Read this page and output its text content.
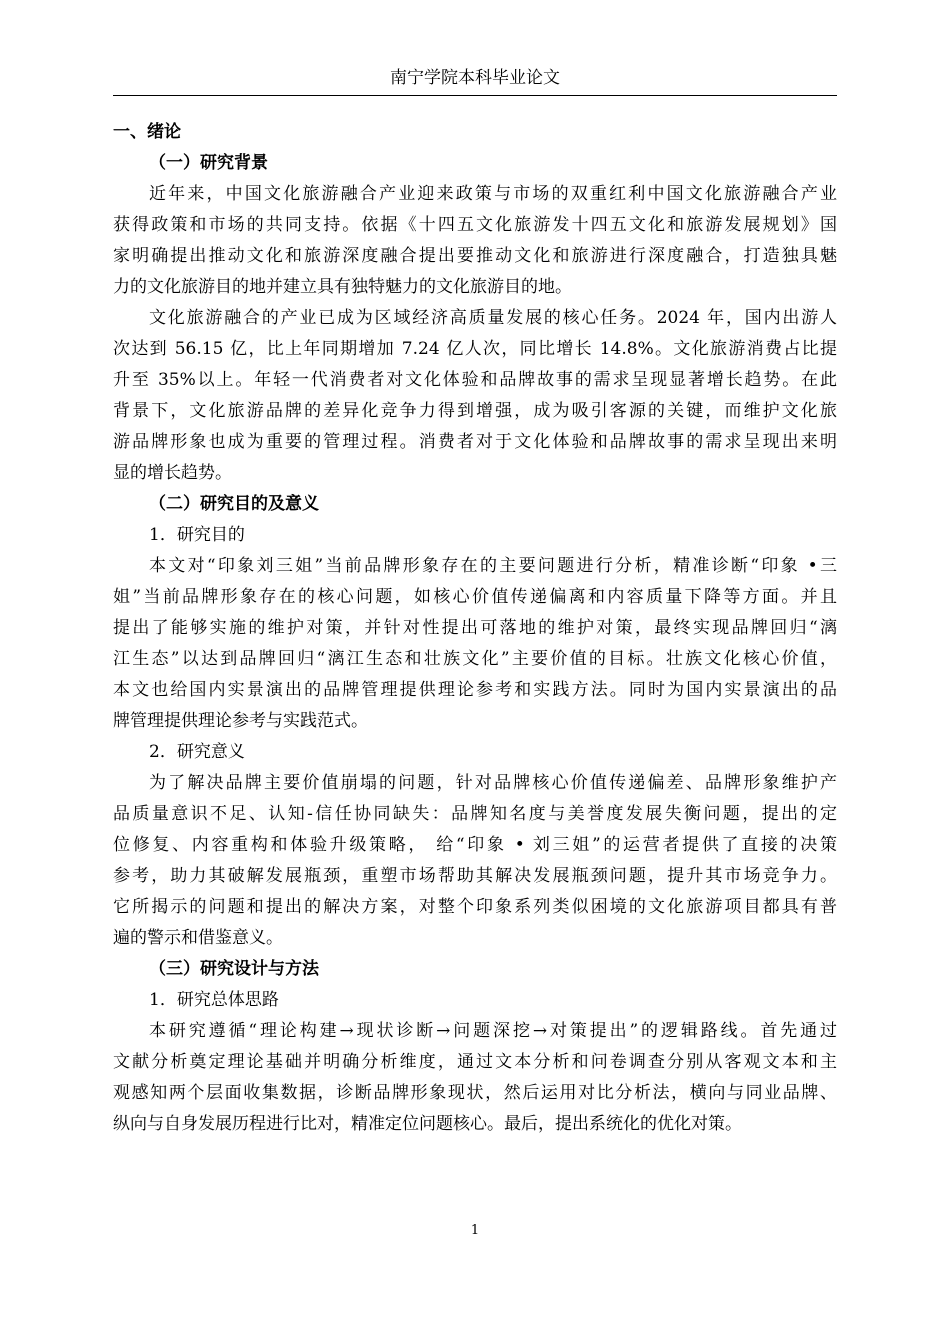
南宁学院本科毕业论文
一、绪论
（一）研究背景
近年来，中国文化旅游融合产业迎来政策与市场的双重红利中国文化旅游融合产业
获得政策和市场的共同支持。依据《十四五文化旅游发十四五文化和旅游发展规划》国
家明确提出推动文化和旅游深度融合提出要推动文化和旅游进行深度融合，打造独具魅
力的文化旅游目的地并建立具有独特魅力的文化旅游目的地。
文化旅游融合的产业已成为区域经济高质量发展的核心任务。2024 年，国内出游人
次达到 56.15 亿，比上年同期增加 7.24 亿人次，同比增长 14.8%。文化旅游消费占比提
升至 35%以上。年轻一代消费者对文化体验和品牌故事的需求呈现显著增长趋势。在此
背景下，文化旅游品牌的差异化竞争力得到增强，成为吸引客源的关键，而维护文化旅
游品牌形象也成为重要的管理过程。消费者对于文化体验和品牌故事的需求呈现出来明
显的增长趋势。
（二）研究目的及意义
1．研究目的
本文对“印象刘三姐”当前品牌形象存在的主要问题进行分析，精准诊断“印象 •三
姐”当前品牌形象存在的核心问题，如核心价值传递偏离和内容质量下降等方面。并且
提出了能够实施的维护对策，并针对性提出可落地的维护对策，最终实现品牌回归“漓
江生态”以达到品牌回归“漓江生态和壮族文化”主要价值的目标。壮族文化核心价值，
本文也给国内实景演出的品牌管理提供理论参考和实践方法。同时为国内实景演出的品
牌管理提供理论参考与实践范式。
2．研究意义
为了解决品牌主要价值崩塌的问题，针对品牌核心价值传递偏差、品牌形象维护产
品质量意识不足、认知-信任协同缺失：品牌知名度与美誉度发展失衡问题，提出的定
位修复、内容重构和体验升级策略， 给“印象 • 刘三姐”的运营者提供了直接的决策
参考，助力其破解发展瓶颈，重塑市场帮助其解决发展瓶颈问题，提升其市场竞争力。
它所揭示的问题和提出的解决方案，对整个印象系列类似困境的文化旅游项目都具有普
遍的警示和借鉴意义。
（三）研究设计与方法
1．研究总体思路
本研究遵循“理论构建→现状诊断→问题深挖→对策提出”的逻辑路线。首先通过
文献分析奠定理论基础并明确分析维度，通过文本分析和问卷调查分别从客观文本和主
观感知两个层面收集数据，诊断品牌形象现状，然后运用对比分析法，横向与同业品牌、
纵向与自身发展历程进行比对，精准定位问题核心。最后，提出系统化的优化对策。
1
